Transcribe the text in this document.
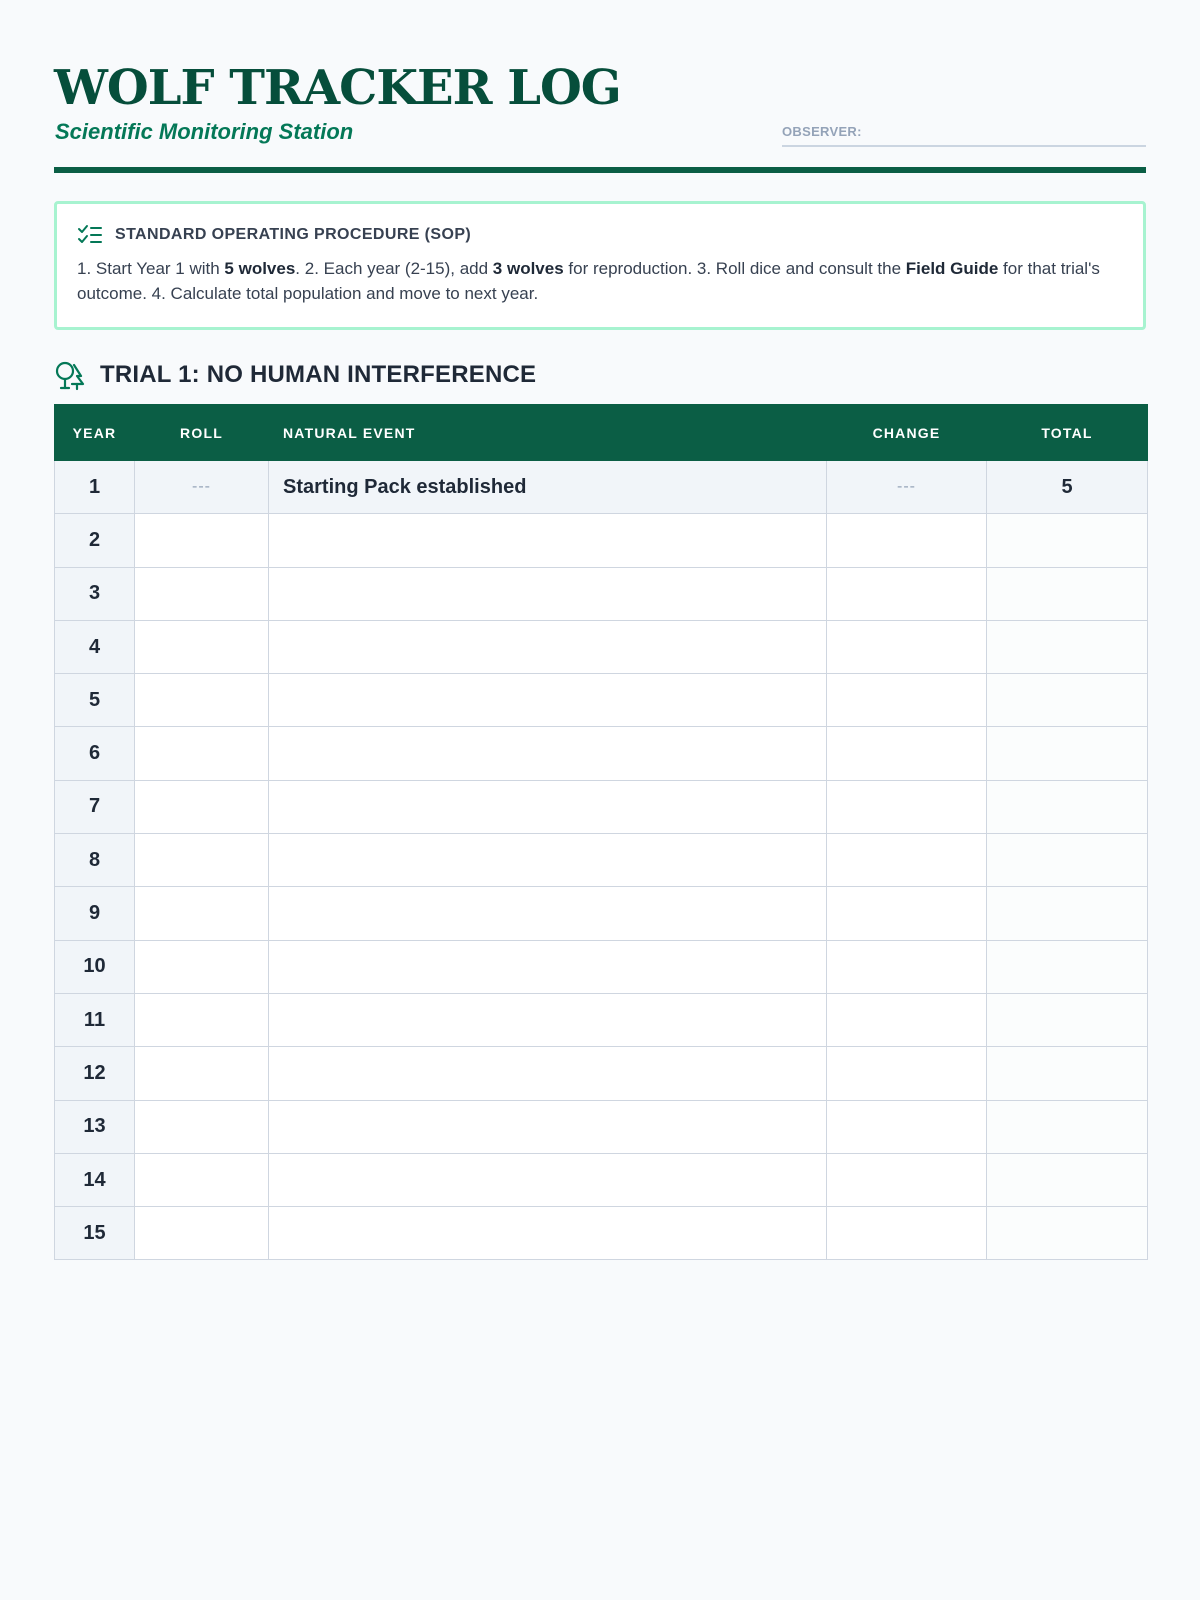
WOLF TRACKER LOG
Scientific Monitoring Station	OBSERVER:
STANDARD OPERATING PROCEDURE (SOP)
1. Start Year 1 with 5 wolves. 2. Each year (2-15), add 3 wolves for reproduction. 3. Roll dice and consult the Field Guide for that trial's outcome. 4. Calculate total population and move to next year.
TRIAL 1: NO HUMAN INTERFERENCE
YEAR	ROLL	NATURAL EVENT	CHANGE	TOTAL
1	---	Starting Pack established	---	5
2				
3				
4				
5				
6				
7				
8				
9				
10				
11				
12				
13				
14				
15				
